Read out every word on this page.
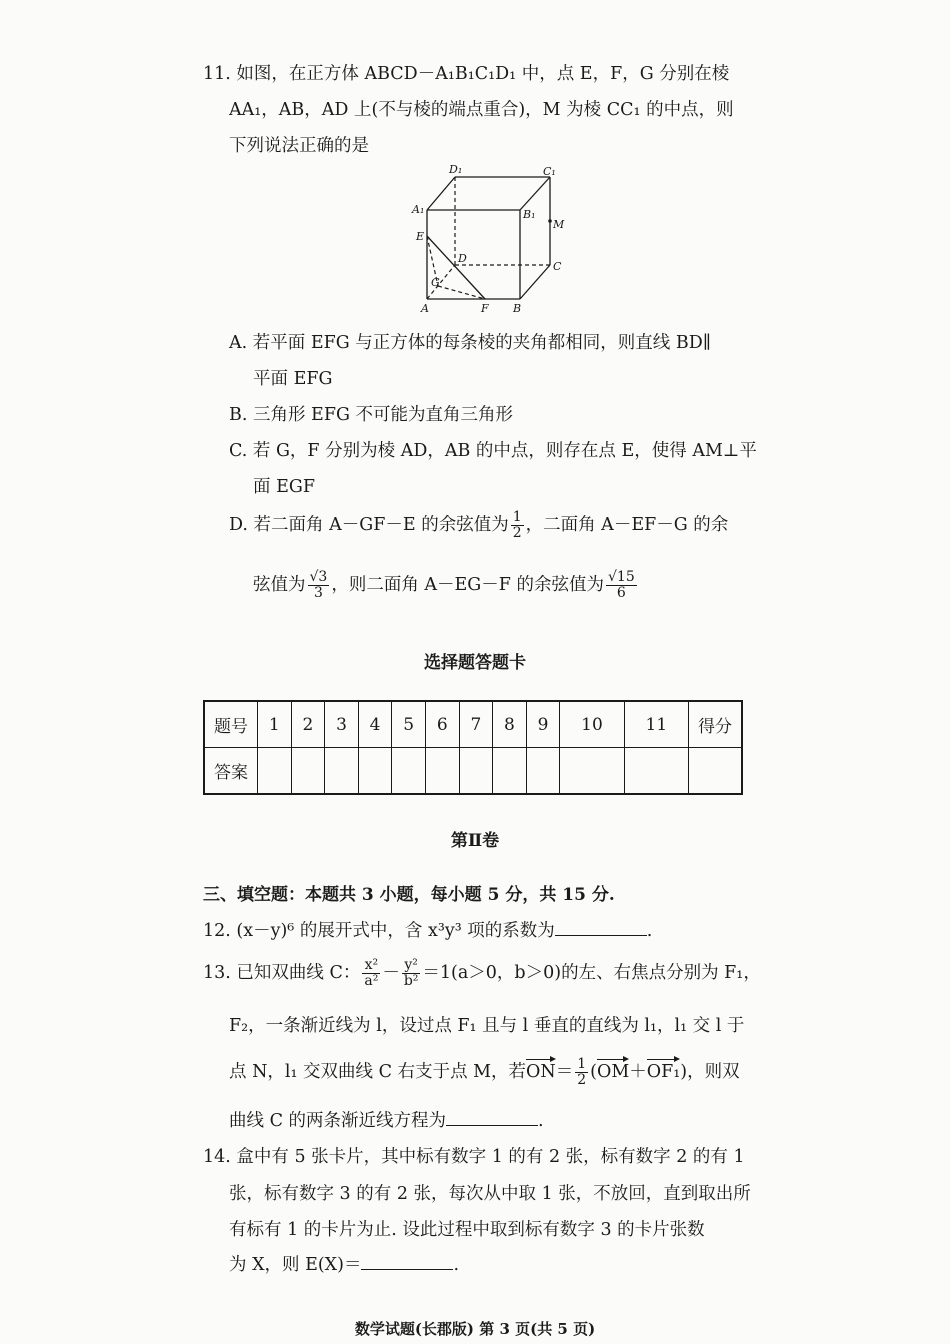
11. 如图，在正方体 ABCD－A₁B₁C₁D₁ 中，点 E，F，G 分别在棱
AA₁，AB，AD 上(不与棱的端点重合)，M 为棱 CC₁ 的中点，则
下列说法正确的是
D₁	C₁
A₁	B₁
M
E
D
C
G
A	F B
A. 若平面 EFG 与正方体的每条棱的夹角都相同，则直线 BD∥
平面 EFG
B. 三角形 EFG 不可能为直角三角形
C. 若 G，F 分别为棱 AD，AB 的中点，则存在点 E，使得 AM⊥平
面 EGF
D. 若二面角 A－GF－E 的余弦值为 $\frac{1}{2}$ ，二面角 A－EF－G 的余
弦值为 $\frac{√3}{3}$ ，则二面角 A－EG－F 的余弦值为 $\frac{√15}{6}$
选择题答题卡
题号	1	2	3	4	5	6	7	8	9	10	11	得分
答案												
第Ⅱ卷
三、填空题：本题共 3 小题，每小题 5 分，共 15 分.
12. (x－y)⁶ 的展开式中，含 x³y³ 项的系数为	.
13. 已知双曲线 C： $\frac{\text{x²}}{\text{a²}} - \frac{\text{y²}}{\text{b²}} =1(a>0$，b＞0)的左、右焦点分别为 F₁，
F₂，一条渐近线为 l，设过点 F₁ 且与 l 垂直的直线为 l₁，l₁ 交 l 于
点 N，l₁ 交双曲线 C 右支于点 M，若$ON= \frac{1}{2} (OM+OF_1)$，则双
曲线 C 的两条渐近线方程为	.
14. 盒中有 5 张卡片，其中标有数字 1 的有 2 张，标有数字 2 的有 1
张，标有数字 3 的有 2 张，每次从中取 1 张，不放回，直到取出所
有标有 1 的卡片为止. 设此过程中取到标有数字 3 的卡片张数
为 X，则 E(X)＝	.
数学试题(长郡版) 第 3 页(共 5 页)
